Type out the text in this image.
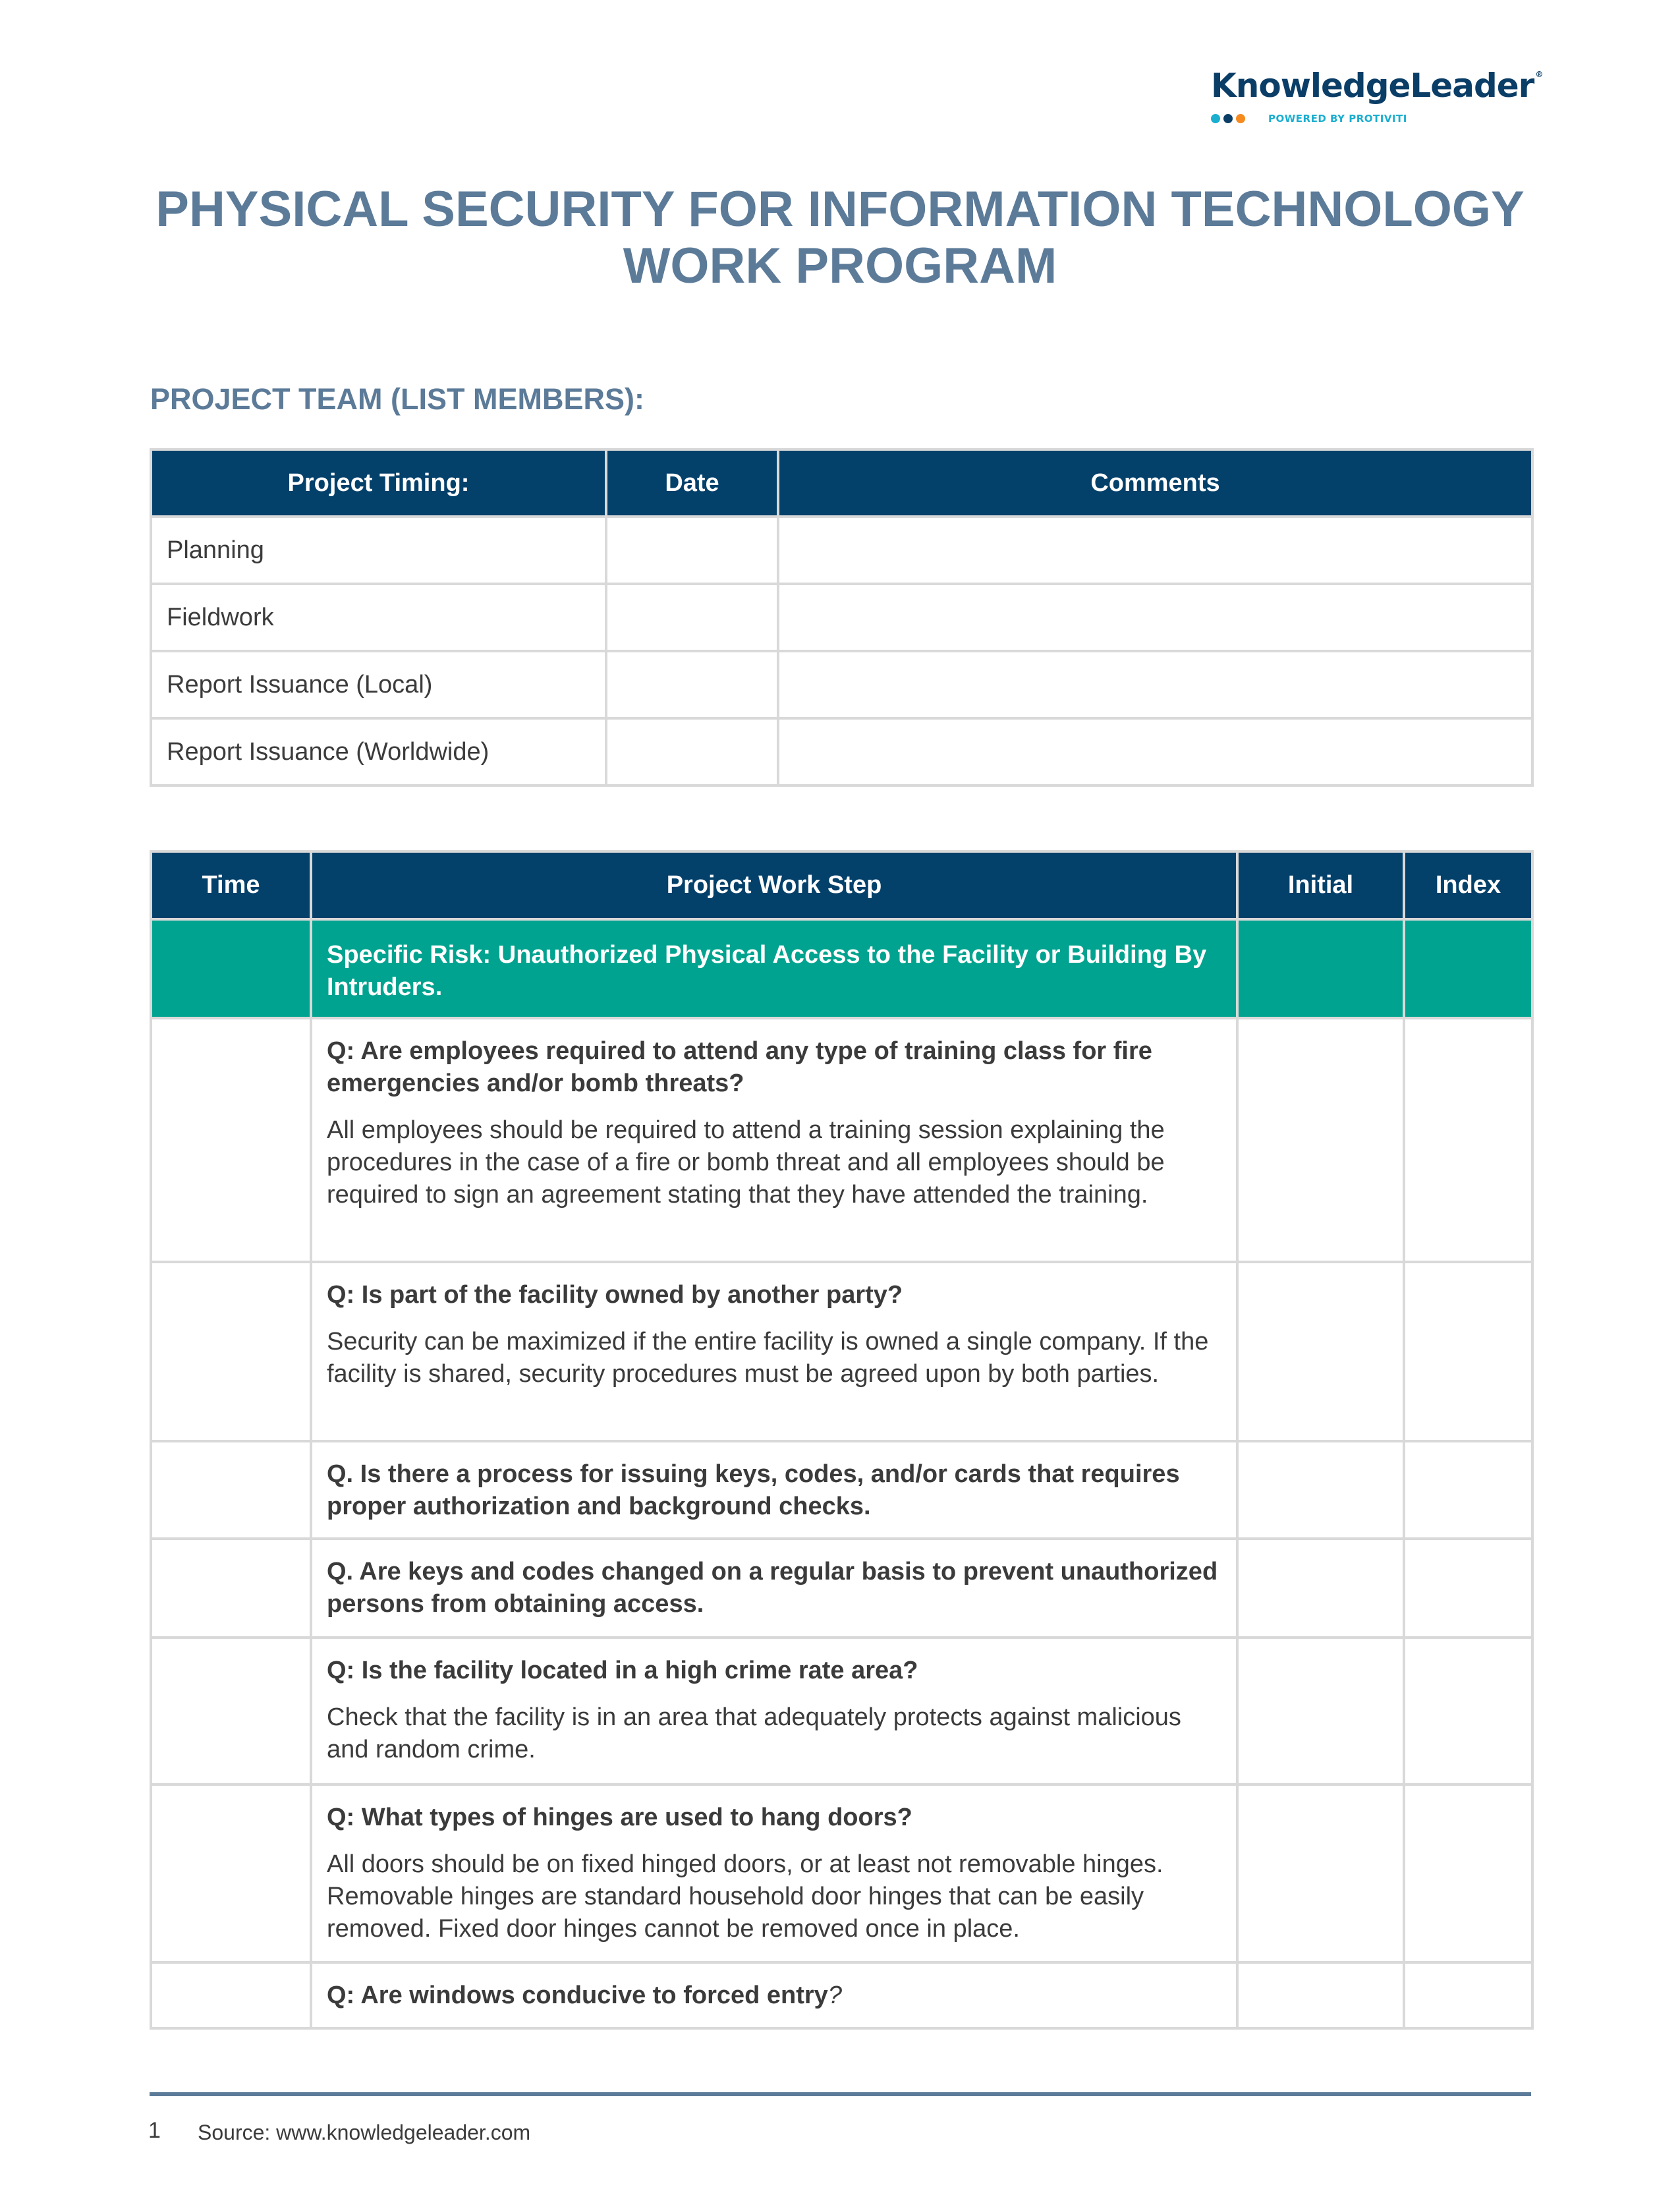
KnowledgeLeader ®
POWERED BY PROTIVITI
PHYSICAL SECURITY FOR INFORMATION TECHNOLOGY
WORK PROGRAM
PROJECT TEAM (LIST MEMBERS):
Project Timing:	Date	Comments
Planning		
Fieldwork		
Report Issuance (Local)		
Report Issuance (Worldwide)		
Time	Project Work Step	Initial	Index
	Specific Risk: Unauthorized Physical Access to the Facility or Building By Intruders.		

	Q: Are employees required to attend any type of training class for fire emergencies and/or bomb threats?
All employees should be required to attend a training session explaining the procedures in the case of a fire or bomb threat and all employees should be required to sign an agreement stating that they have attended the training.		

	Q: Is part of the facility owned by another party?
Security can be maximized if the entire facility is owned a single company. If the facility is shared, security procedures must be agreed upon by both parties.		

	Q. Is there a process for issuing keys, codes, and/or cards that requires proper authorization and background checks.		

	Q. Are keys and codes changed on a regular basis to prevent unauthorized persons from obtaining access.		

	Q: Is the facility located in a high crime rate area?
Check that the facility is in an area that adequately protects against malicious and random crime.		

	Q: What types of hinges are used to hang doors?
All doors should be on fixed hinged doors, or at least not removable hinges. Removable hinges are standard household door hinges that can be easily removed. Fixed door hinges cannot be removed once in place.		

	Q: Are windows conducive to forced entry?		

1 Source: www.knowledgeleader.com
